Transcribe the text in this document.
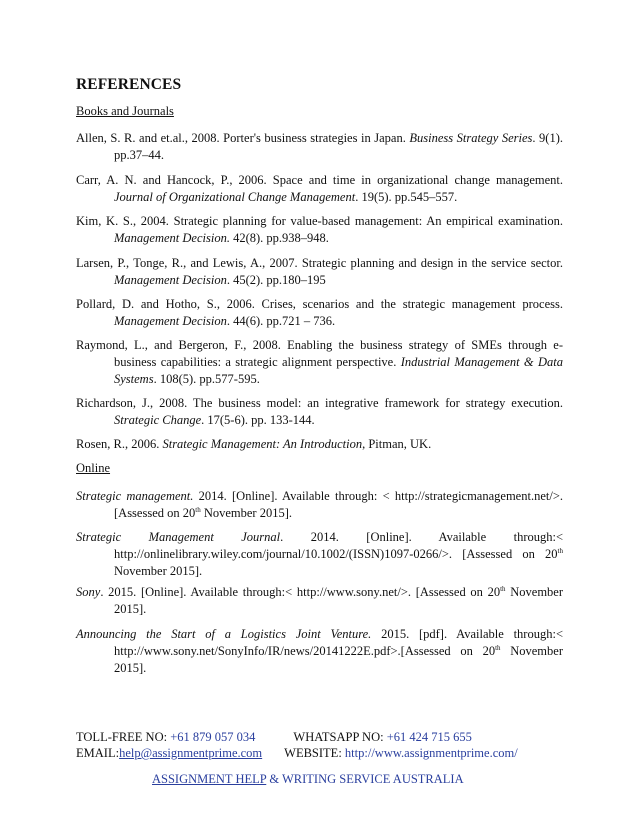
REFERENCES
Books and Journals
Allen, S. R. and et.al., 2008. Porter's business strategies in Japan. Business Strategy Series. 9(1). pp.37–44.
Carr, A. N. and Hancock, P., 2006. Space and time in organizational change management. Journal of Organizational Change Management. 19(5). pp.545–557.
Kim, K. S., 2004. Strategic planning for value-based management: An empirical examination. Management Decision. 42(8). pp.938–948.
Larsen, P., Tonge, R., and Lewis, A., 2007. Strategic planning and design in the service sector. Management Decision. 45(2). pp.180–195
Pollard, D. and Hotho, S., 2006. Crises, scenarios and the strategic management process. Management Decision. 44(6). pp.721 – 736.
Raymond, L., and Bergeron, F., 2008. Enabling the business strategy of SMEs through e-business capabilities: a strategic alignment perspective. Industrial Management & Data Systems. 108(5). pp.577-595.
Richardson, J., 2008. The business model: an integrative framework for strategy execution. Strategic Change. 17(5-6). pp. 133-144.
Rosen, R., 2006. Strategic Management: An Introduction, Pitman, UK.
Online
Strategic management. 2014. [Online]. Available through: < http://strategicmanagement.net/>. [Assessed on 20th November 2015].
Strategic Management Journal. 2014. [Online]. Available through:< http://onlinelibrary.wiley.com/journal/10.1002/(ISSN)1097-0266/>. [Assessed on 20th November 2015].
Sony. 2015. [Online]. Available through:< http://www.sony.net/>. [Assessed on 20th November 2015].
Announcing the Start of a Logistics Joint Venture. 2015. [pdf]. Available through:< http://www.sony.net/SonyInfo/IR/news/20141222E.pdf>.[Assessed on 20th November 2015].
TOLL-FREE NO: +61 879 057 034	WHATSAPP NO: +61 424 715 655
EMAIL:help@assignmentprime.com WEBSITE: http://www.assignmentprime.com/
ASSIGNMENT HELP & WRITING SERVICE AUSTRALIA
